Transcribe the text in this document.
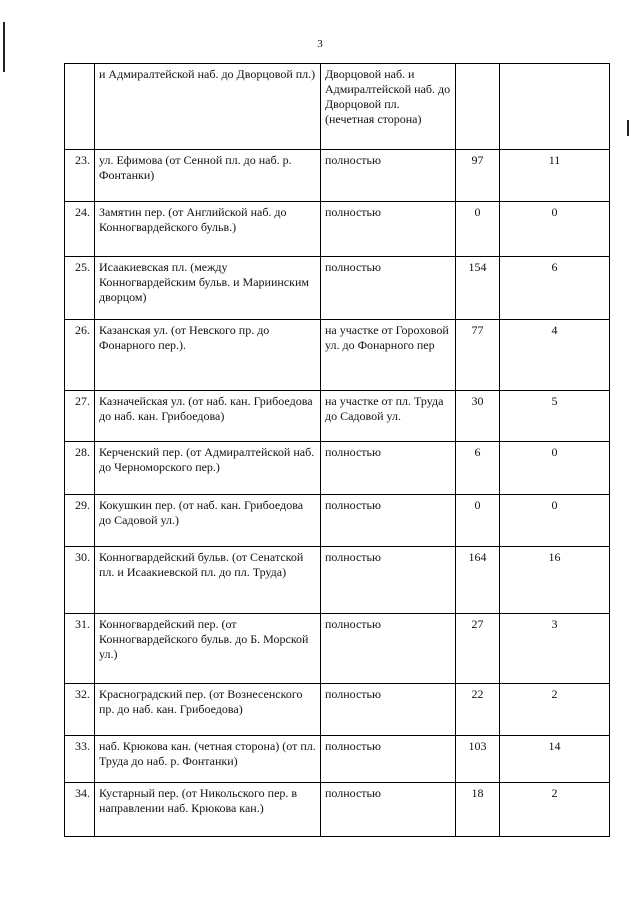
3
	и Адмиралтейской наб. до Дворцовой пл.)	Дворцовой наб. и Адмиралтейской наб. до Дворцовой пл. (нечетная сторона)		
23.	ул. Ефимова (от Сенной пл. до наб. р. Фонтанки)	полностью	97	11
24.	Замятин пер. (от Английской наб. до Конногвардейского бульв.)	полностью	0	0
25.	Исаакиевская пл. (между Конногвардейским бульв. и Мариинским дворцом)	полностью	154	6
26.	Казанская ул. (от Невского пр. до Фонарного пер.).	на участке от Гороховой ул. до Фонарного пер	77	4
27.	Казначейская ул. (от наб. кан. Грибоедова до наб. кан. Грибоедова)	на участке от пл. Труда до Садовой ул.	30	5
28.	Керченский пер. (от Адмиралтейской наб. до Черноморского пер.)	полностью	6	0
29.	Кокушкин пер. (от наб. кан. Грибоедова до Садовой ул.)	полностью	0	0
30.	Конногвардейский бульв. (от Сенатской пл. и Исаакиевской пл. до пл. Труда)	полностью	164	16
31.	Конногвардейский пер. (от Конногвардейского бульв. до Б. Морской ул.)	полностью	27	3
32.	Красноградский пер. (от Вознесенского пр. до наб. кан. Грибоедова)	полностью	22	2
33.	наб. Крюкова кан. (четная сторона) (от пл. Труда до наб. р. Фонтанки)	полностью	103	14
34.	Кустарный пер. (от Никольского пер. в направлении наб. Крюкова кан.)	полностью	18	2
